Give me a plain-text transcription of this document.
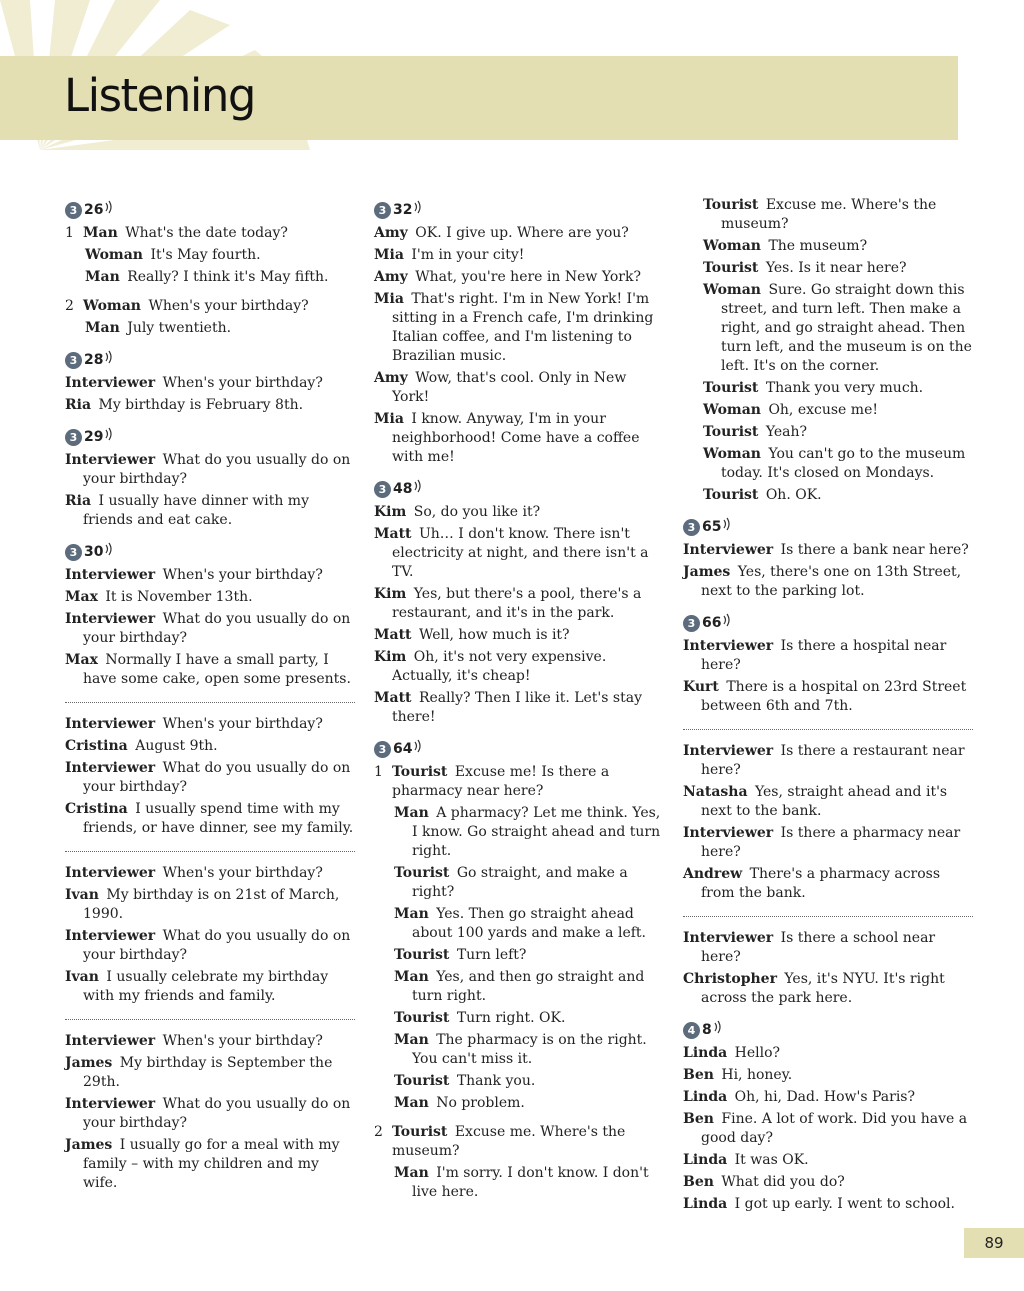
Listening
3 26
1 Man What's the date today?
Woman It's May fourth.
Man Really? I think it's May fifth.
2 Woman When's your birthday?
Man July twentieth.
3 28
Interviewer When's your birthday?
Ria My birthday is February 8th.
3 29
Interviewer What do you usually do on your birthday?
Ria I usually have dinner with my friends and eat cake.
3 30
Interviewer When's your birthday?
Max It is November 13th.
Interviewer What do you usually do on your birthday?
Max Normally I have a small party, I have some cake, open some presents.
Interviewer When's your birthday?
Cristina August 9th.
Interviewer What do you usually do on your birthday?
Cristina I usually spend time with my friends, or have dinner, see my family.
Interviewer When's your birthday?
Ivan My birthday is on 21st of March, 1990.
Interviewer What do you usually do on your birthday?
Ivan I usually celebrate my birthday with my friends and family.
Interviewer When's your birthday?
James My birthday is September the 29th.
Interviewer What do you usually do on your birthday?
James I usually go for a meal with my family – with my children and my wife.
3 32
Amy OK. I give up. Where are you?
Mia I'm in your city!
Amy What, you're here in New York?
Mia That's right. I'm in New York! I'm sitting in a French cafe, I'm drinking Italian coffee, and I'm listening to Brazilian music.
Amy Wow, that's cool. Only in New York!
Mia I know. Anyway, I'm in your neighborhood! Come have a coffee with me!
3 48
Kim So, do you like it?
Matt Uh… I don't know. There isn't electricity at night, and there isn't a TV.
Kim Yes, but there's a pool, there's a restaurant, and it's in the park.
Matt Well, how much is it?
Kim Oh, it's not very expensive. Actually, it's cheap!
Matt Really? Then I like it. Let's stay there!
3 64
1 Tourist Excuse me! Is there a pharmacy near here?
Man A pharmacy? Let me think. Yes, I know. Go straight ahead and turn right.
Tourist Go straight, and make a right?
Man Yes. Then go straight ahead about 100 yards and make a left.
Tourist Turn left?
Man Yes, and then go straight and turn right.
Tourist Turn right. OK.
Man The pharmacy is on the right. You can't miss it.
Tourist Thank you.
Man No problem.
2 Tourist Excuse me. Where's the museum?
Man I'm sorry. I don't know. I don't live here.
Tourist Excuse me. Where's the museum?
Woman The museum?
Tourist Yes. Is it near here?
Woman Sure. Go straight down this street, and turn left. Then make a right, and go straight ahead. Then turn left, and the museum is on the left. It's on the corner.
Tourist Thank you very much.
Woman Oh, excuse me!
Tourist Yeah?
Woman You can't go to the museum today. It's closed on Mondays.
Tourist Oh. OK.
3 65
Interviewer Is there a bank near here?
James Yes, there's one on 13th Street, next to the parking lot.
3 66
Interviewer Is there a hospital near here?
Kurt There is a hospital on 23rd Street between 6th and 7th.
Interviewer Is there a restaurant near here?
Natasha Yes, straight ahead and it's next to the bank.
Interviewer Is there a pharmacy near here?
Andrew There's a pharmacy across from the bank.
Interviewer Is there a school near here?
Christopher Yes, it's NYU. It's right across the park here.
4 8
Linda Hello?
Ben Hi, honey.
Linda Oh, hi, Dad. How's Paris?
Ben Fine. A lot of work. Did you have a good day?
Linda It was OK.
Ben What did you do?
Linda I got up early. I went to school.
89
